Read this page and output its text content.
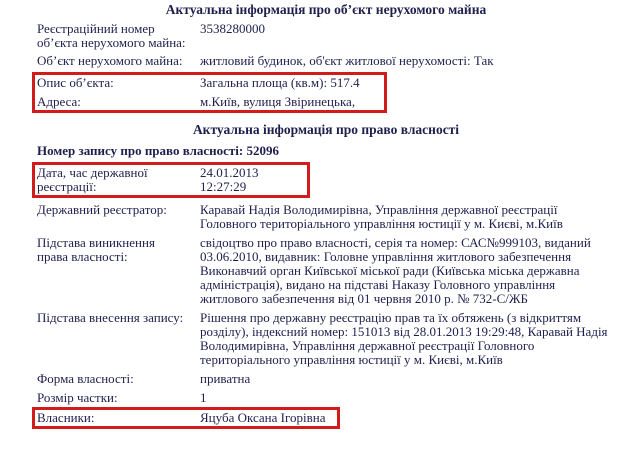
Актуальна інформація про об’єкт нерухомого майна
Реєстраційний номер об’єкта нерухомого майна:
3538280000
Об’єкт нерухомого майна:	житловий будинок, об'єкт житлової нерухомості: Так
Опис об’єкта:	Загальна площа (кв.м): 517.4
Адреса:	м.Київ, вулиця Звіринецька,
Актуальна інформація про право власності
Номер запису про право власності: 52096
Дата, час державної реєстрації:
24.01.2013 12:27:29
Державний реєстратор:	Каравай Надія Володимирівна, Управління державної реєстрації Головного територіального управління юстиції у м. Києві, м.Київ
Підстава виникнення права власності:
свідоцтво про право власності, серія та номер: САС№999103, виданий 03.06.2010, видавник: Головне управління житлового забезпечення Виконавчий орган Київської міської ради (Київська міська державна адміністрація), видано на підставі Наказу Головного управління житлового забезпечення від 01 червня 2010 р. № 732-С/ЖБ
Підстава внесення запису: Рішення про державну реєстрацію прав та їх обтяжень (з відкриттям розділу), індексний номер: 151013 від 28.01.2013 19:29:48, Каравай Надія Володимирівна, Управління державної реєстрації Головного територіального управління юстиції у м. Києві, м.Київ
Форма власності:	приватна
Розмір частки:	1
Власники:	Яцуба Оксана Ігорівна
